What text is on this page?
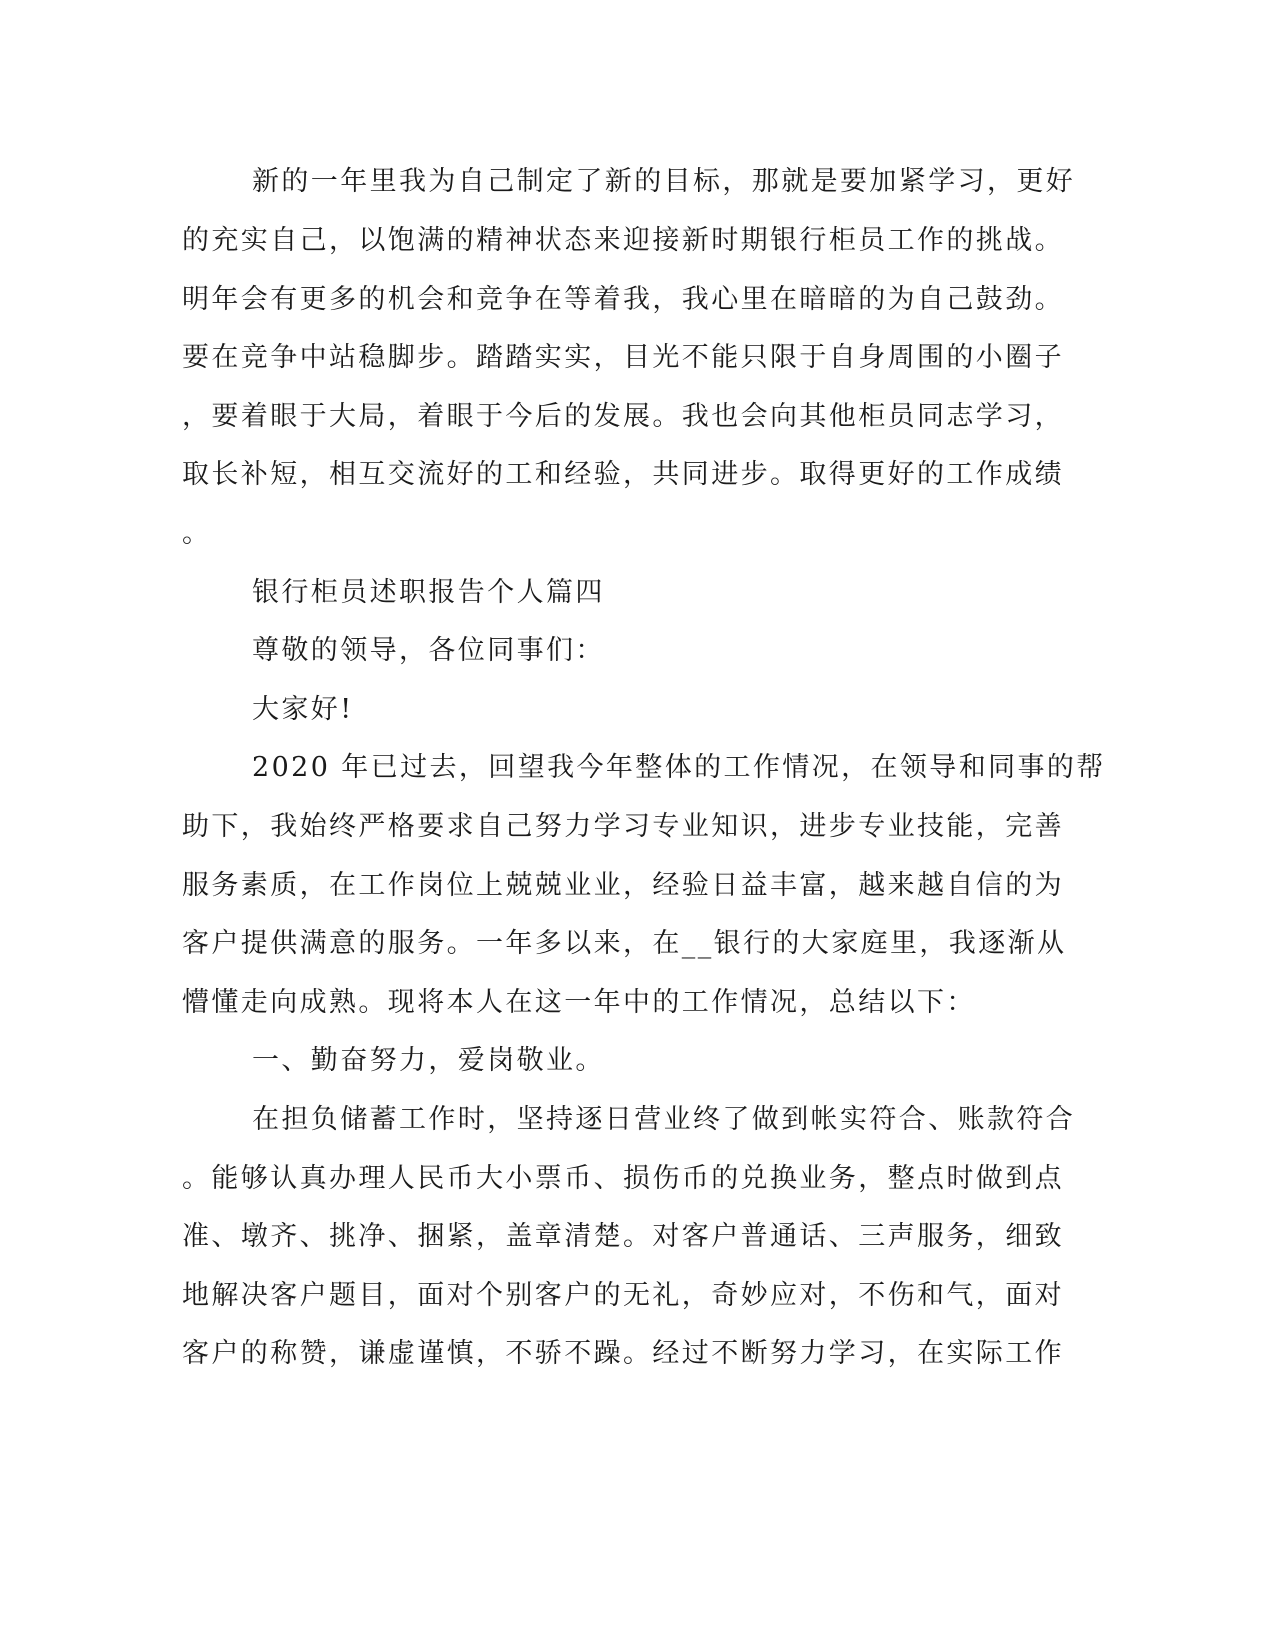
新的一年里我为自己制定了新的目标，那就是要加紧学习，更好
的充实自己，以饱满的精神状态来迎接新时期银行柜员工作的挑战。
明年会有更多的机会和竞争在等着我，我心里在暗暗的为自己鼓劲。
要在竞争中站稳脚步。踏踏实实，目光不能只限于自身周围的小圈子
，要着眼于大局，着眼于今后的发展。我也会向其他柜员同志学习，
取长补短，相互交流好的工和经验，共同进步。取得更好的工作成绩
。
银行柜员述职报告个人篇四
尊敬的领导，各位同事们：
大家好!
2020 年已过去，回望我今年整体的工作情况，在领导和同事的帮
助下，我始终严格要求自己努力学习专业知识，进步专业技能，完善
服务素质，在工作岗位上兢兢业业，经验日益丰富，越来越自信的为
客户提供满意的服务。一年多以来，在__银行的大家庭里，我逐渐从
懵懂走向成熟。现将本人在这一年中的工作情况，总结以下：
一、勤奋努力，爱岗敬业。
在担负储蓄工作时，坚持逐日营业终了做到帐实符合、账款符合
。能够认真办理人民币大小票币、损伤币的兑换业务，整点时做到点
准、墩齐、挑净、捆紧，盖章清楚。对客户普通话、三声服务，细致
地解决客户题目，面对个别客户的无礼，奇妙应对，不伤和气，面对
客户的称赞，谦虚谨慎，不骄不躁。经过不断努力学习，在实际工作
